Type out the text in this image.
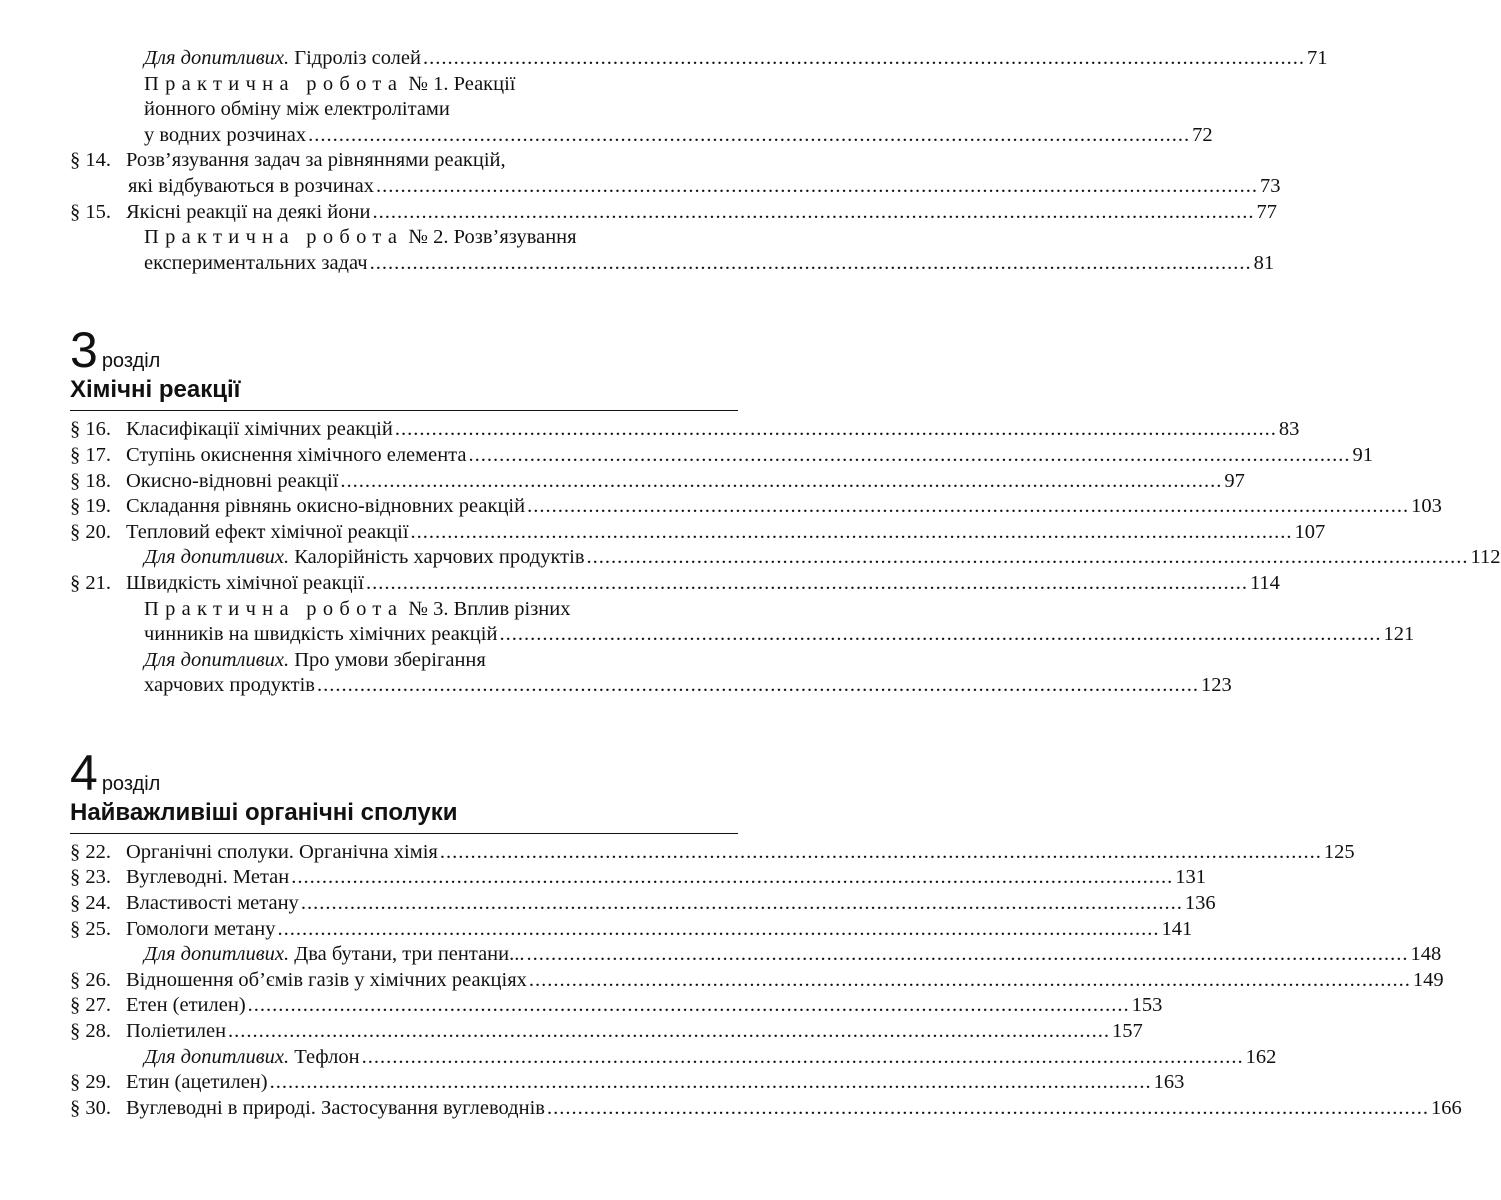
Для допитливих. Гідроліз солей .....	71
Практична робота № 1. Реакції
йонного обміну між електролітами
у водних розчинах .....	72
§ 14. Розв’язування задач за рівняннями реакцій,
які відбуваються в розчинах .....	73
§ 15. Якісні реакції на деякі йони .....	77
Практична робота № 2. Розв’язування
експериментальних задач .....	81
3 розділ
Хімічні реакції
§ 16. Класифікації хімічних реакцій .....	83
§ 17. Ступінь окиснення хімічного елемента .....	91
§ 18. Окисно-відновні реакції .....	97
§ 19. Складання рівнянь окисно-відновних реакцій .....	103
§ 20. Тепловий ефект хімічної реакції .....	107
Для допитливих. Калорійність харчових продуктів .....	112
§ 21. Швидкість хімічної реакції .....	114
Практична робота № 3. Вплив різних
чинників на швидкість хімічних реакцій .....	121
Для допитливих. Про умови зберігання
харчових продуктів .....	123
4 розділ
Найважливіші органічні сполуки
§ 22. Органічні сполуки. Органічна хімія .....	125
§ 23. Вуглеводні. Метан .....	131
§ 24. Властивості метану .....	136
§ 25. Гомологи метану .....	141
Для допитливих. Два бутани, три пентани... .....	148
§ 26. Відношення об’ємів газів у хімічних реакціях .....	149
§ 27. Етен (етилен) .....	153
§ 28. Поліетилен .....	157
Для допитливих. Тефлон .....	162
§ 29. Етин (ацетилен) .....	163
§ 30. Вуглеводні в природі. Застосування вуглеводнів .....	166
